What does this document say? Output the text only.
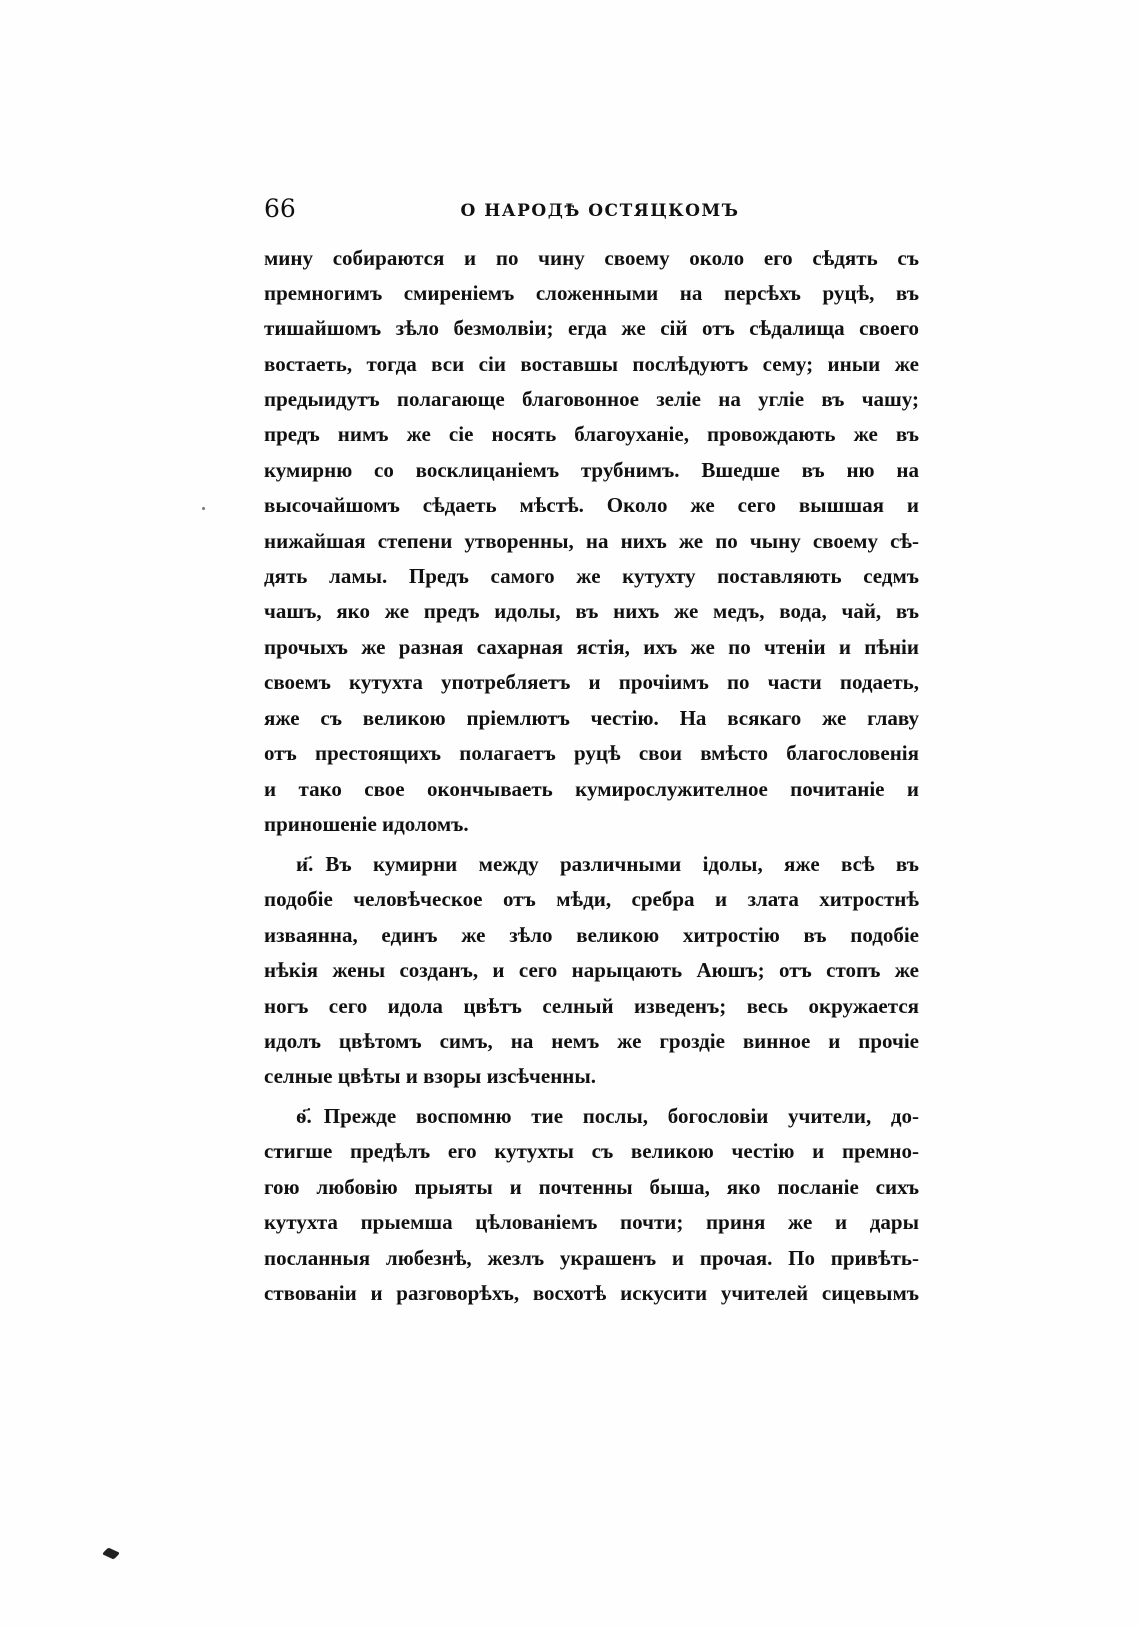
66	О НАРОДѢ ОСТЯЦКОМЪ
мину собираются и по чину своему около его сѣдять съ
премногимъ смиреніемъ сложенными на персѣхъ руцѣ, въ
тишайшомъ зѣло безмолвіи; егда же сій отъ сѣдалища своего
востаеть, тогда вси сіи воставшы послѣдуютъ сему; иныи же
предыидутъ полагающе благовонное зеліе на угліе въ чашу;
предъ нимъ же сіе носять благоуханіе, провождають же въ
кумирню со восклицаніемъ трубнимъ. Вшедше въ ню на
высочайшомъ сѣдаеть мѣстѣ. Около же сего вышшая и
нижайшая степени утворенны, на нихъ же по чыну своему сѣ-
дять ламы. Предъ самого же кутухту поставляють седмъ
чашъ, яко же предъ идолы, въ нихъ же медъ, вода, чай, въ
прочыхъ же разная сахарная ястія, ихъ же по чтеніи и пѣніи
своемъ кутухта употребляетъ и прочіимъ по части подаеть,
яже съ великою пріемлютъ честію. На всякаго же главу
отъ престоящихъ полагаетъ руцѣ свои вмѣсто благословенія
и тако свое окончываеть кумирослужителное почитаніе и
приношеніе идоломъ.
и҃. Въ кумирни между различными ідолы, яже всѣ въ
подобіе человѣческое отъ мѣди, сребра и злата хитростнѣ
изваянна, единъ же зѣло великою хитростію въ подобіе
нѣкія жены созданъ, и сего нарыцають Аюшъ; отъ стопъ же
ногъ сего идола цвѣтъ селный изведенъ; весь окружается
идолъ цвѣтомъ симъ, на немъ же гроздіе винное и прочіе
селные цвѣты и взоры изсѣченны.
ѳ҃. Прежде воспомню тие послы, богословіи учители, до-
стигше предѣлъ его кутухты съ великою честію и премно-
гою любовію прыяты и почтенны быша, яко посланіе сихъ
кутухта прыемша цѣлованіемъ почти; приня же и дары
посланныя любезнѣ, жезлъ украшенъ и прочая. По привѣть-
ствованіи и разговорѣхъ, восхотѣ искусити учителей сицевымъ
